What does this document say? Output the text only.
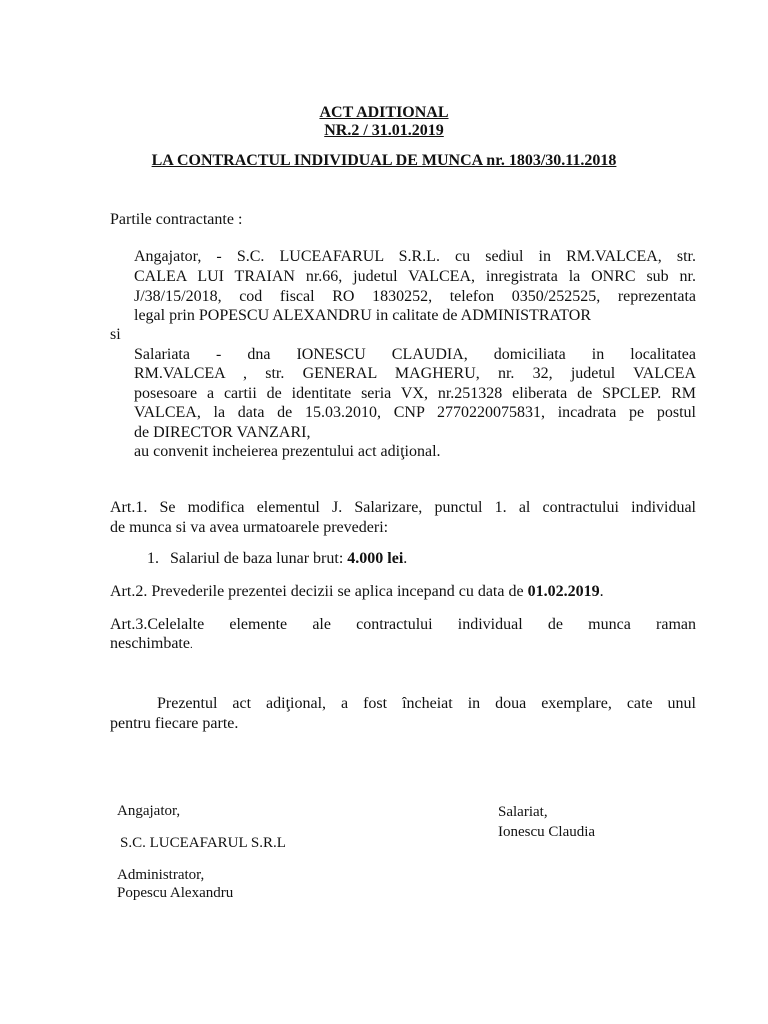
ACT ADITIONAL
NR.2 / 31.01.2019
LA CONTRACTUL INDIVIDUAL DE MUNCA nr. 1803/30.11.2018
Partile contractante :
Angajator, - S.C. LUCEAFARUL S.R.L. cu sediul in RM.VALCEA, str.
CALEA LUI TRAIAN nr.66, judetul VALCEA, inregistrata la ONRC sub nr.
J/38/15/2018, cod fiscal RO 1830252, telefon 0350/252525, reprezentata
legal prin POPESCU ALEXANDRU in calitate de ADMINISTRATOR
si
Salariata - dna IONESCU CLAUDIA, domiciliata in localitatea
RM.VALCEA , str. GENERAL MAGHERU, nr. 32, judetul VALCEA
posesoare a cartii de identitate seria VX, nr.251328 eliberata de SPCLEP. RM
VALCEA, la data de 15.03.2010, CNP 2770220075831, incadrata pe postul
de DIRECTOR VANZARI,
au convenit incheierea prezentului act adiţional.
Art.1. Se modifica elementul J. Salarizare, punctul 1. al contractului individual
de munca si va avea urmatoarele prevederi:
1. Salariul de baza lunar brut: 4.000 lei.
Art.2. Prevederile prezentei decizii se aplica incepand cu data de 01.02.2019.
Art.3.Celelalte elemente ale contractului individual de munca raman
neschimbate.
Prezentul act adiţional, a fost încheiat in doua exemplare, cate unul
pentru fiecare parte.
Angajator,
S.C. LUCEAFARUL S.R.L
Administrator,
Popescu Alexandru
Salariat,
Ionescu Claudia
